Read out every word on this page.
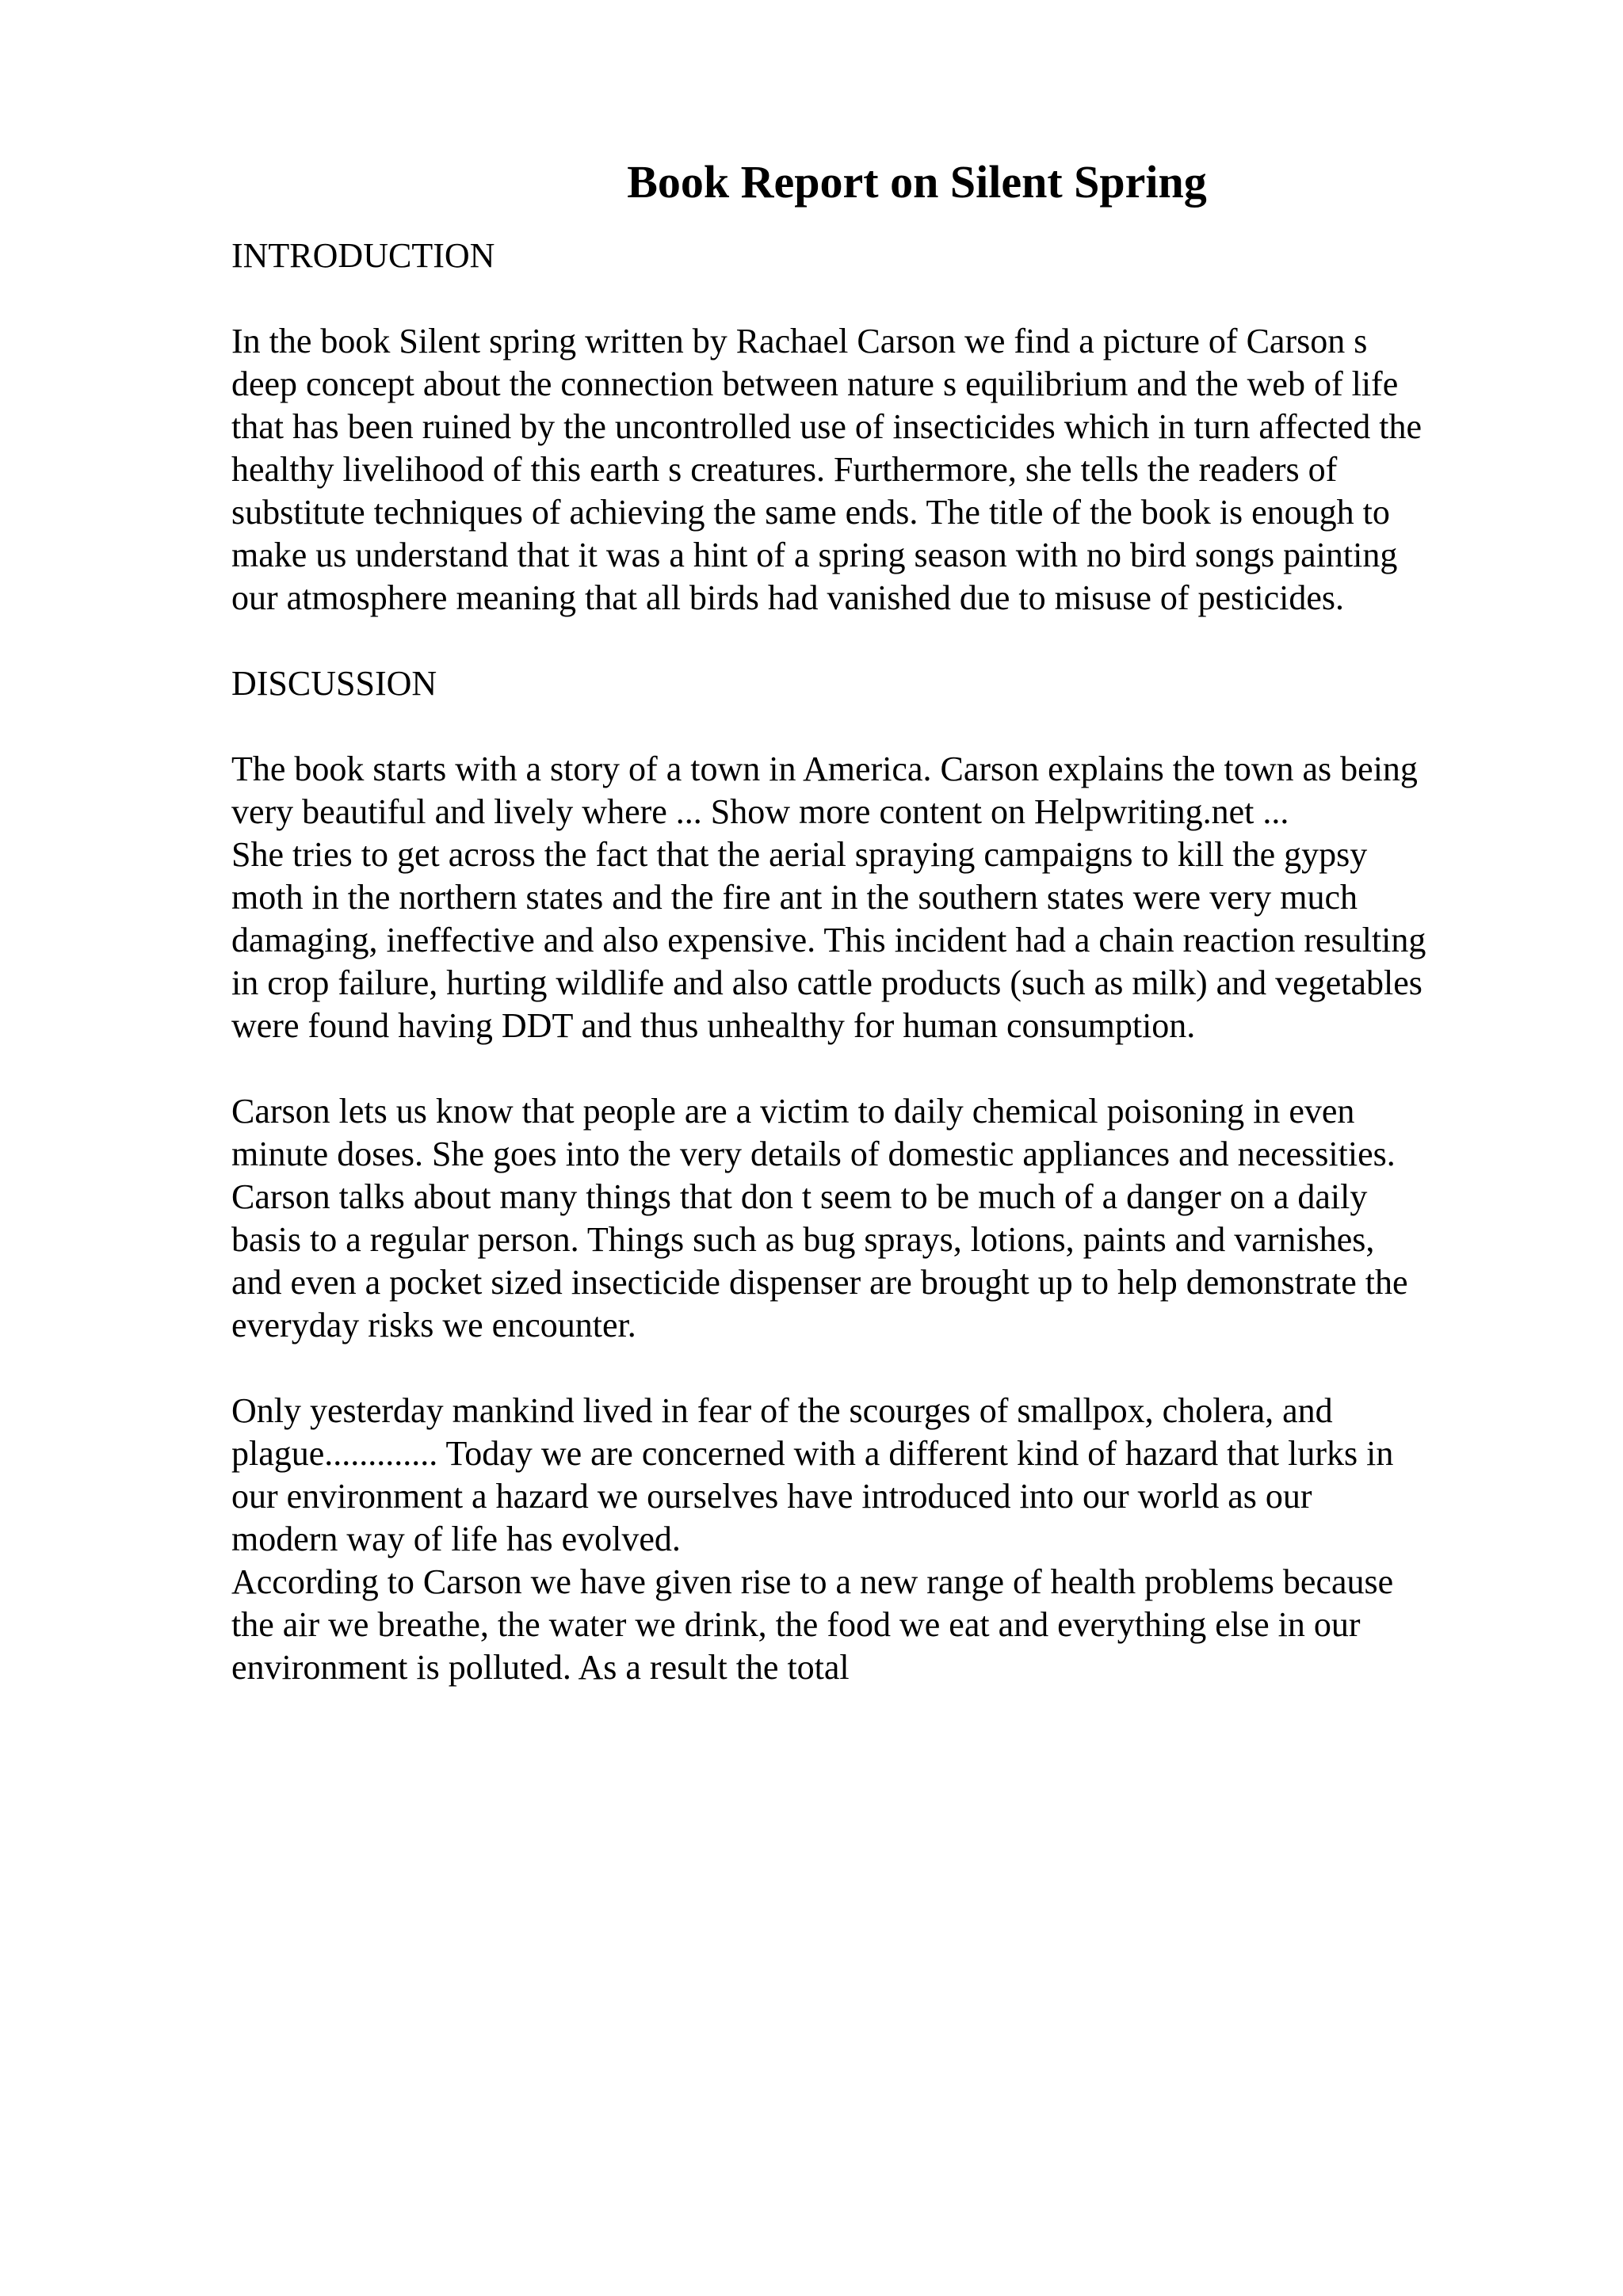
Book Report on Silent Spring
INTRODUCTION

In the book Silent spring written by Rachael Carson we find a picture of Carson s
deep concept about the connection between nature s equilibrium and the web of life
that has been ruined by the uncontrolled use of insecticides which in turn affected the
healthy livelihood of this earth s creatures. Furthermore, she tells the readers of
substitute techniques of achieving the same ends. The title of the book is enough to
make us understand that it was a hint of a spring season with no bird songs painting
our atmosphere meaning that all birds had vanished due to misuse of pesticides.

DISCUSSION

The book starts with a story of a town in America. Carson explains the town as being
very beautiful and lively where ... Show more content on Helpwriting.net ...
She tries to get across the fact that the aerial spraying campaigns to kill the gypsy
moth in the northern states and the fire ant in the southern states were very much
damaging, ineffective and also expensive. This incident had a chain reaction resulting
in crop failure, hurting wildlife and also cattle products (such as milk) and vegetables
were found having DDT and thus unhealthy for human consumption.

Carson lets us know that people are a victim to daily chemical poisoning in even
minute doses. She goes into the very details of domestic appliances and necessities.
Carson talks about many things that don t seem to be much of a danger on a daily
basis to a regular person. Things such as bug sprays, lotions, paints and varnishes,
and even a pocket sized insecticide dispenser are brought up to help demonstrate the
everyday risks we encounter.

Only yesterday mankind lived in fear of the scourges of smallpox, cholera, and
plague............. Today we are concerned with a different kind of hazard that lurks in
our environment a hazard we ourselves have introduced into our world as our
modern way of life has evolved.
According to Carson we have given rise to a new range of health problems because
the air we breathe, the water we drink, the food we eat and everything else in our
environment is polluted. As a result the total
